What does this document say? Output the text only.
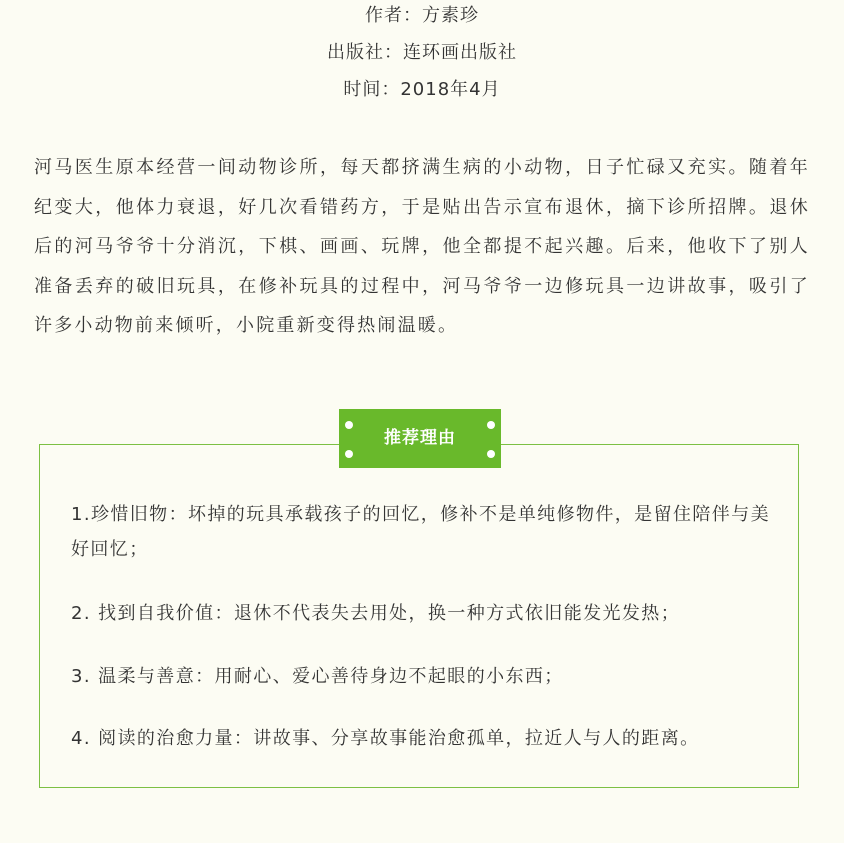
作者：方素珍
出版社：连环画出版社
时间：2018年4月

河马医生原本经营一间动物诊所，每天都挤满生病的小动物，日子忙碌又充实。随着年纪变大，他体力衰退，好几次看错药方，于是贴出告示宣布退休，摘下诊所招牌。退休后的河马爷爷十分消沉，下棋、画画、玩牌，他全都提不起兴趣。后来，他收下了别人准备丢弃的破旧玩具，在修补玩具的过程中，河马爷爷一边修玩具一边讲故事，吸引了许多小动物前来倾听，小院重新变得热闹温暖。

推荐理由

1.珍惜旧物：坏掉的玩具承载孩子的回忆，修补不是单纯修物件，是留住陪伴与美好回忆；

2. 找到自我价值：退休不代表失去用处，换一种方式依旧能发光发热；

3. 温柔与善意：用耐心、爱心善待身边不起眼的小东西；

4. 阅读的治愈力量：讲故事、分享故事能治愈孤单，拉近人与人的距离。
